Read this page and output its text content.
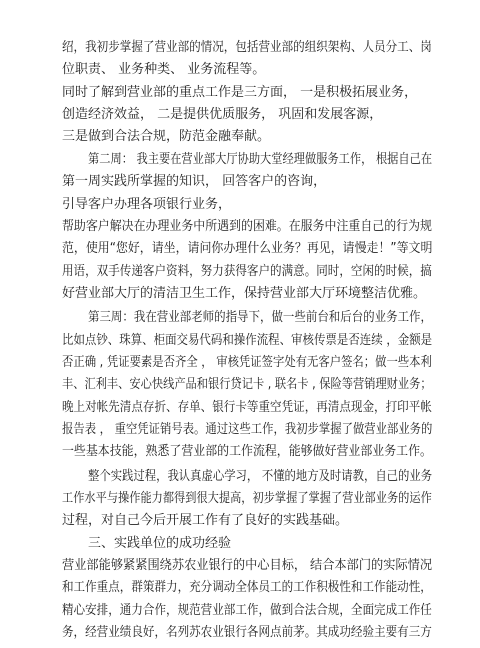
绍，我初步掌握了营业部的情况，包括营业部的组织架构、人员分工、岗
位职责、 业务种类、 业务流程等。
同时了解到营业部的重点工作是三方面， 一是积极拓展业务，
创造经济效益， 二是提供优质服务， 巩固和发展客源，
三是做到合法合规，防范金融奉献。
第二周： 我主要在营业部大厅协助大堂经理做服务工作， 根据自己在
第一周实践所掌握的知识， 回答客户的咨询，
引导客户办理各项银行业务，
帮助客户解决在办理业务中所遇到的困难。在服务中注重自己的行为规
范，使用“您好，请坐，请问你办理什么业务？再见，请慢走！”等文明
用语，双手传递客户资料，努力获得客户的满意。同时，空闲的时候，搞
好营业部大厅的清洁卫生工作，保持营业部大厅环境整洁优雅。
第三周：我在营业部老师的指导下，做一些前台和后台的业务工作，
比如点钞、珠算、柜面交易代码和操作流程、审核传票是否连续 ，金额是
否正确 , 凭证要素是否齐全 ， 审核凭证签字处有无客户签名；做一些本利
丰、汇利丰、安心快线产品和银行贷记卡 , 联名卡 , 保险等营销理财业务；
晚上对帐先清点存折、存单、银行卡等重空凭证，再清点现金，打印平帐
报告表 ， 重空凭证销号表。通过这些工作，我初步掌握了做营业部业务的
一些基本技能，熟悉了营业部的工作流程，能够做好营业部业务工作。
整个实践过程，我认真虚心学习， 不懂的地方及时请教，自己的业务
工作水平与操作能力都得到很大提高，初步掌握了掌握了营业部业务的运作
过程，对自己今后开展工作有了良好的实践基础。
三、实践单位的成功经验
营业部能够紧紧围绕苏农业银行的中心目标， 结合本部门的实际情况
和工作重点，群策群力，充分调动全体员工的工作积极性和工作能动性，
精心安排，通力合作，规范营业部工作，做到合法合规，全面完成工作任
务，经营业绩良好，名列苏农业银行各网点前茅。其成功经验主要有三方
